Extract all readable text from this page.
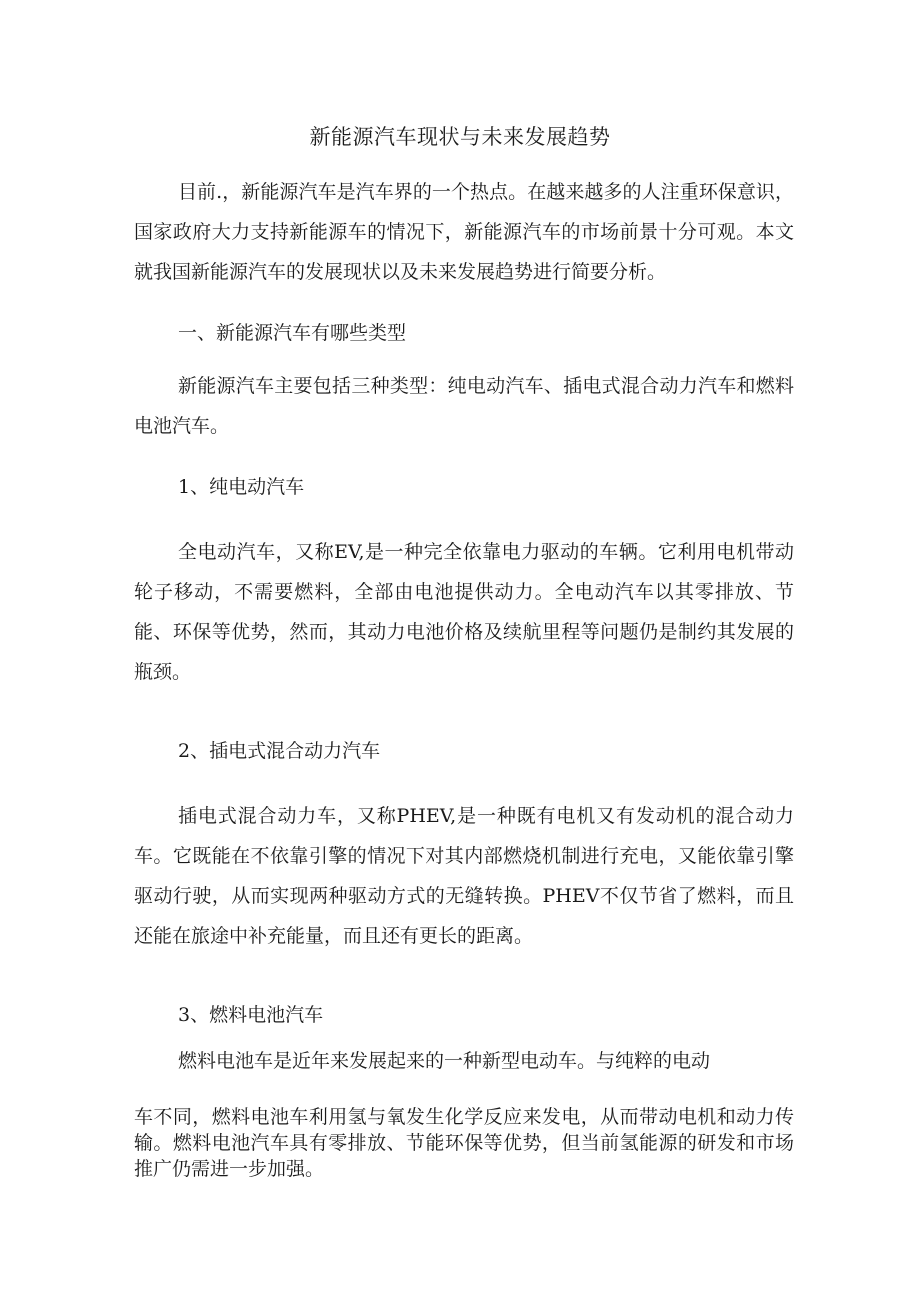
新能源汽车现状与未来发展趋势

目前.，新能源汽车是汽车界的一个热点。在越来越多的人注重环保意识，国家政府大力支持新能源车的情况下，新能源汽车的市场前景十分可观。本文就我国新能源汽车的发展现状以及未来发展趋势进行简要分析。

一、新能源汽车有哪些类型

新能源汽车主要包括三种类型：纯电动汽车、插电式混合动力汽车和燃料电池汽车。

1、纯电动汽车

全电动汽车，又称EV,是一种完全依靠电力驱动的车辆。它利用电机带动轮子移动，不需要燃料，全部由电池提供动力。全电动汽车以其零排放、节能、环保等优势，然而，其动力电池价格及续航里程等问题仍是制约其发展的瓶颈。

2、插电式混合动力汽车

插电式混合动力车，又称PHEV,是一种既有电机又有发动机的混合动力车。它既能在不依靠引擎的情况下对其内部燃烧机制进行充电，又能依靠引擎驱动行驶，从而实现两种驱动方式的无缝转换。PHEV不仅节省了燃料，而且还能在旅途中补充能量，而且还有更长的距离。

3、燃料电池汽车

燃料电池车是近年来发展起来的一种新型电动车。与纯粹的电动

车不同，燃料电池车利用氢与氧发生化学反应来发电，从而带动电机和动力传输。燃料电池汽车具有零排放、节能环保等优势，但当前氢能源的研发和市场推广仍需进一步加强。
